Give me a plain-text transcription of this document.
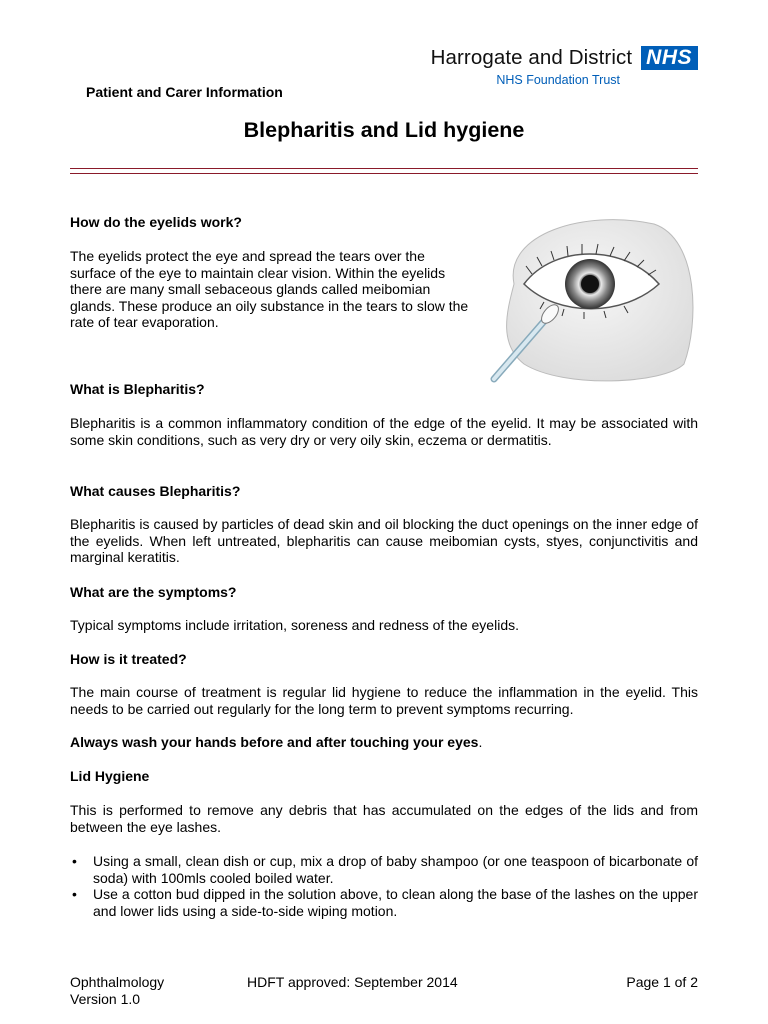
Harrogate and District NHS
NHS Foundation Trust
Patient and Carer Information
Blepharitis and Lid hygiene
How do the eyelids work?
The eyelids protect the eye and spread the tears over the surface of the eye to maintain clear vision. Within the eyelids there are many small sebaceous glands called meibomian glands. These produce an oily substance in the tears to slow the rate of tear evaporation.
What is Blepharitis?
Blepharitis is a common inflammatory condition of the edge of the eyelid. It may be associated with some skin conditions, such as very dry or very oily skin, eczema or dermatitis.
What causes Blepharitis?
Blepharitis is caused by particles of dead skin and oil blocking the duct openings on the inner edge of the eyelids. When left untreated, blepharitis can cause meibomian cysts, styes, conjunctivitis and marginal keratitis.
What are the symptoms?
Typical symptoms include irritation, soreness and redness of the eyelids.
How is it treated?
The main course of treatment is regular lid hygiene to reduce the inflammation in the eyelid. This needs to be carried out regularly for the long term to prevent symptoms recurring.
Always wash your hands before and after touching your eyes.
Lid Hygiene
This is performed to remove any debris that has accumulated on the edges of the lids and from between the eye lashes.
• Using a small, clean dish or cup, mix a drop of baby shampoo (or one teaspoon of bicarbonate of soda) with 100mls cooled boiled water.
• Use a cotton bud dipped in the solution above, to clean along the base of the lashes on the upper and lower lids using a side-to-side wiping motion.
Ophthalmology
Version 1.0
HDFT approved: September 2014	Page 1 of 2
